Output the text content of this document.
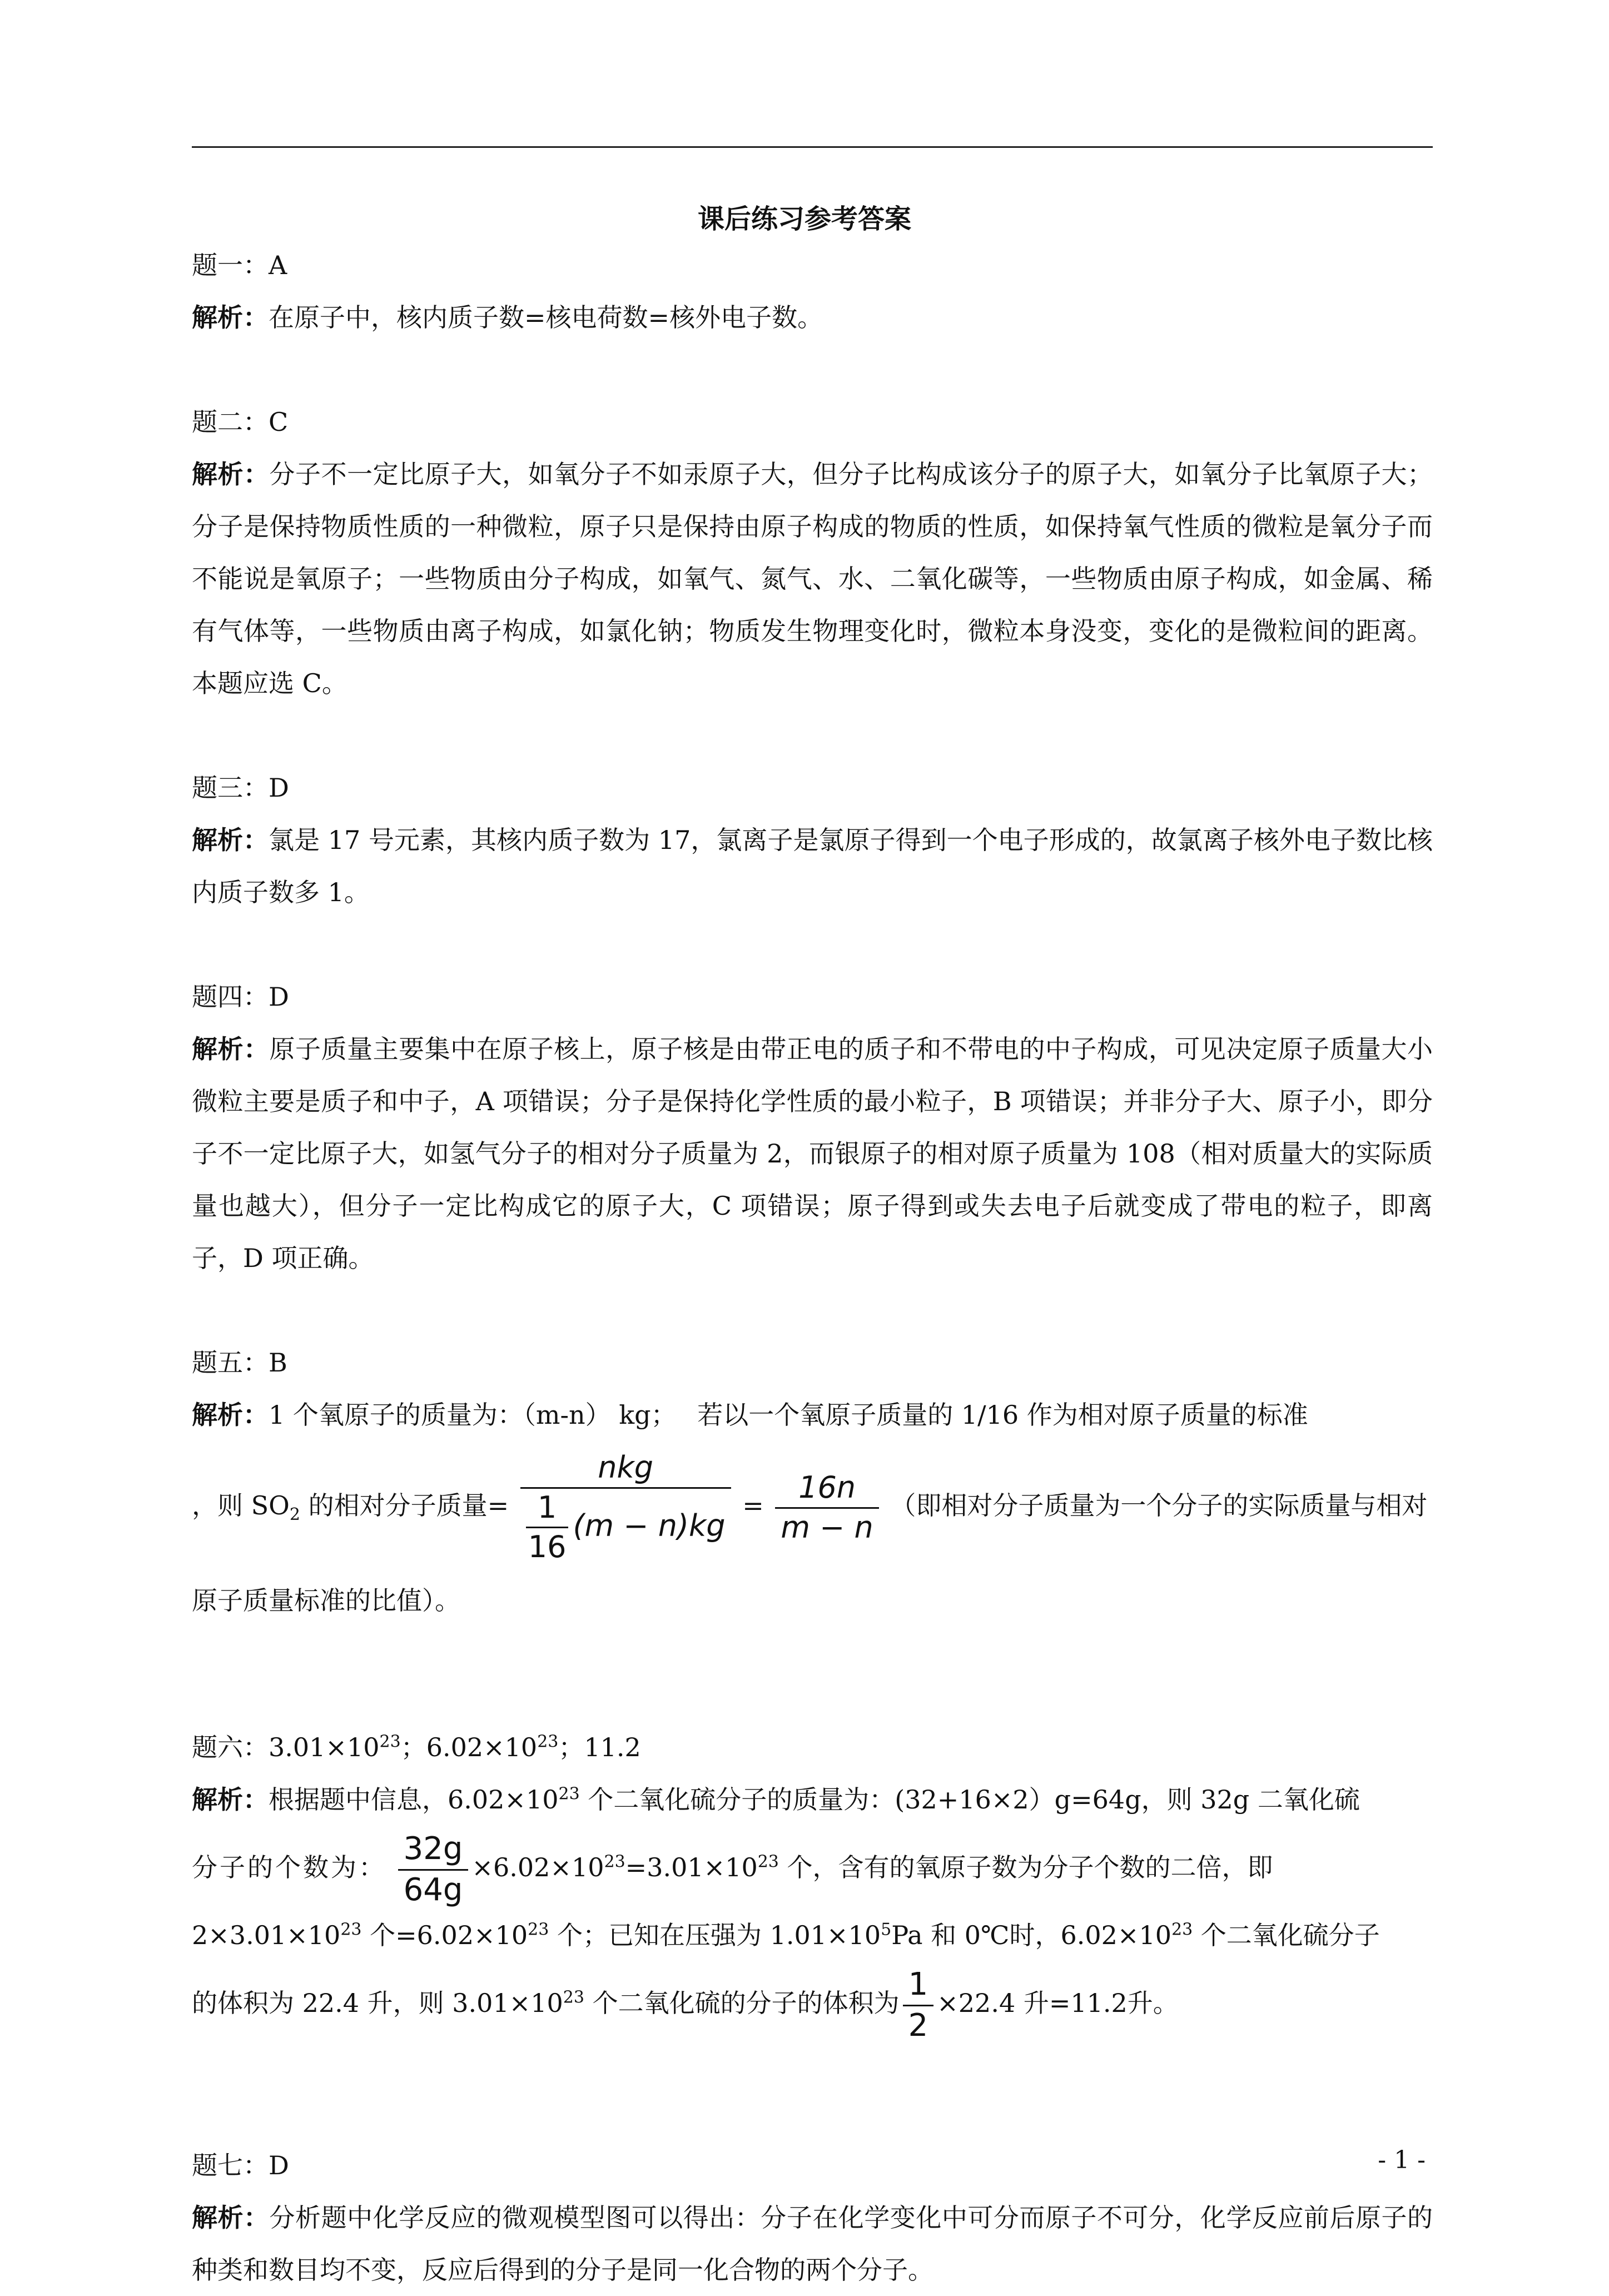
课后练习参考答案

题一：A

解析：在原子中，核内质子数=核电荷数=核外电子数。

题二：C

解析：分子不一定比原子大，如氧分子不如汞原子大，但分子比构成该分子的原子大，如氧分子比氧原子大；分子是保持物质性质的一种微粒，原子只是保持由原子构成的物质的性质，如保持氧气性质的微粒是氧分子而不能说是氧原子；一些物质由分子构成，如氧气、氮气、水、二氧化碳等，一些物质由原子构成，如金属、稀有气体等，一些物质由离子构成，如氯化钠；物质发生物理变化时，微粒本身没变，变化的是微粒间的距离。本题应选 C。

题三：D

解析：氯是 17 号元素，其核内质子数为 17，氯离子是氯原子得到一个电子形成的，故氯离子核外电子数比核内质子数多 1。

题四：D

解析：原子质量主要集中在原子核上，原子核是由带正电的质子和不带电的中子构成，可见决定原子质量大小微粒主要是质子和中子，A 项错误；分子是保持化学性质的最小粒子，B 项错误；并非分子大、原子小，即分子不一定比原子大，如氢气分子的相对分子质量为 2，而银原子的相对原子质量为 108（相对质量大的实际质量也越大），但分子一定比构成它的原子大，C 项错误；原子得到或失去电子后就变成了带电的粒子，即离子，D 项正确。

题五：B

解析：1 个氧原子的质量为：（m-n） kg；　 若以一个氧原子质量的 1/16 作为相对原子质量的标准

，则 $SO_2$ 的相对分子质量= $\frac{\text{nkg}}{\frac{1}{16} (m - n)kg} = \frac{16n}{m - n}$ （即相对分子质量为一个分子的实际质量与相对

原子质量标准的比值）。

题六：$3.01\times 10^{23}$；$6.02\times 10^{23}$；11.2

解析：根据题中信息，$6.02\times 10^{23}$ 个二氧化硫分子的质量为：(32+16×2）g=64g，则 32g 二氧化硫

分子的个数为： $\frac{32g}{64g} \times 6.02\times 10^{23}=3.01\times 10^{23}$ 个，含有的氧原子数为分子个数的二倍，即

$2\times 3.01\times 10^{23}$ 个$=6.02\times 10^{23}$ 个；已知在压强为 $1.01\times 10^5Pa$ 和 0℃时，$6.02\times 10^{23}$ 个二氧化硫分子

的体积为 22.4 升，则 $3.01\times 10^{23}$ 个二氧化硫的分子的体积为 $\frac{1}{2} \times 22.4$ 升=11.2升。

题七：D

解析：分析题中化学反应的微观模型图可以得出：分子在化学变化中可分而原子不可分，化学反应前后原子的种类和数目均不变，反应后得到的分子是同一化合物的两个分子。

- 1 -
